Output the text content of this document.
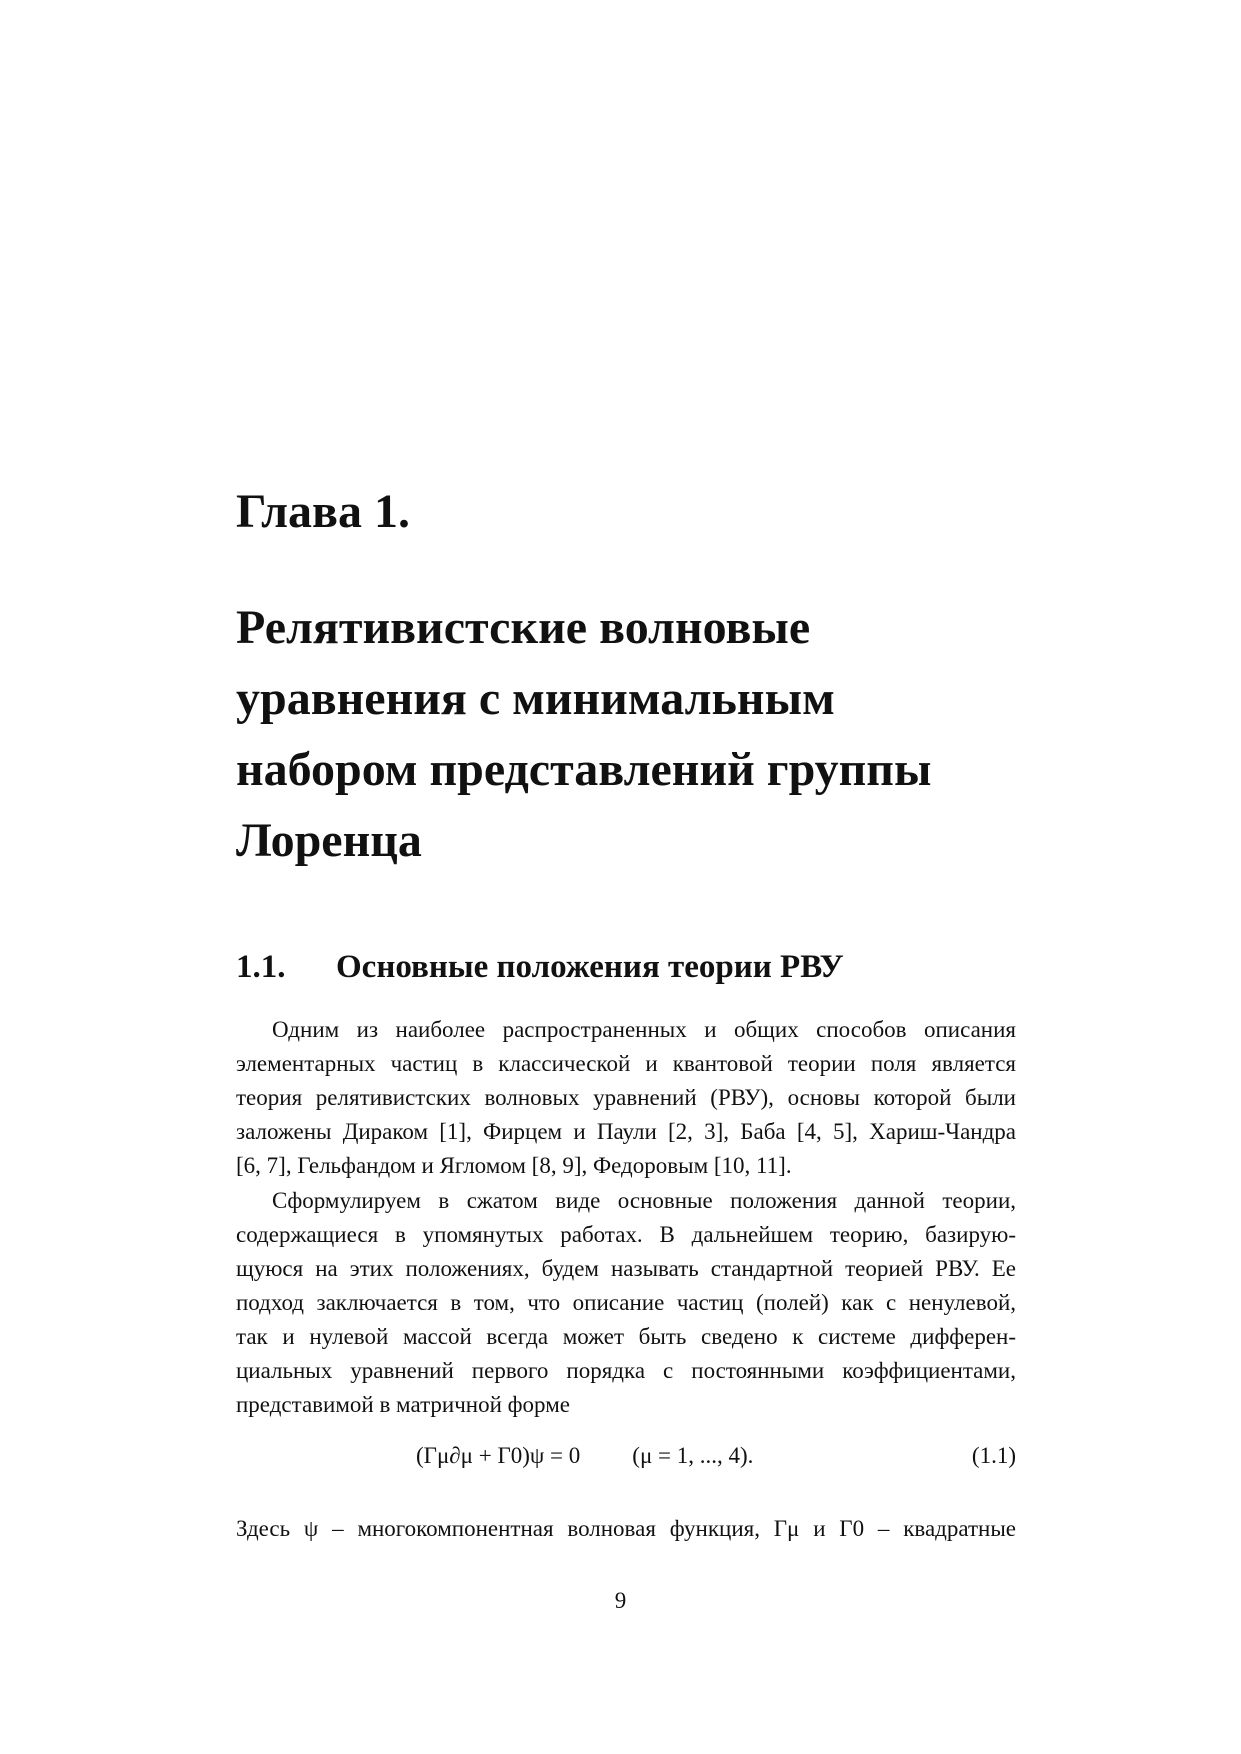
Глава 1.
Релятивистские волновые
уравнения с минимальным
набором представлений группы
Лоренца
1.1. Основные положения теории РВУ

Одним из наиболее распространенных и общих способов описания
элементарных частиц в классической и квантовой теории поля является
теория релятивистских волновых уравнений (РВУ), основы которой были
заложены Дираком [1], Фирцем и Паули [2, 3], Баба [4, 5], Хариш-Чандра
[6, 7], Гельфандом и Ягломом [8, 9], Федоровым [10, 11].

Сформулируем в сжатом виде основные положения данной теории,
содержащиеся в упомянутых работах. В дальнейшем теорию, базирую-
щуюся на этих положениях, будем называть стандартной теорией РВУ. Ее
подход заключается в том, что описание частиц (полей) как с ненулевой,
так и нулевой массой всегда может быть сведено к системе дифферен-
циальных уравнений первого порядка с постоянными коэффициентами,
представимой в матричной форме

(Γμ∂μ + Γ0)ψ = 0 (μ = 1, ..., 4).	(1.1)

Здесь ψ – многокомпонентная волновая функция, Γμ и Γ0 – квадратные

9
